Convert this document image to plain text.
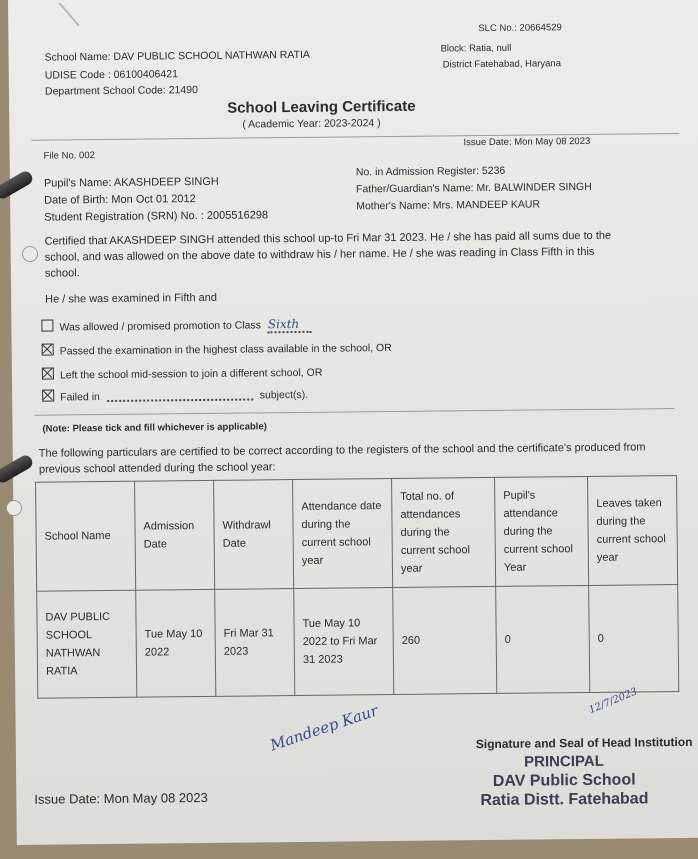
SLC No.: 20664529
School Name: DAV PUBLIC SCHOOL NATHWAN RATIA
Block: Ratia, null
UDISE Code : 06100406421
District Fatehabad, Haryana
Department School Code: 21490
School Leaving Certificate
( Academic Year: 2023-2024 )
File No. 002
Issue Date: Mon May 08 2023
Pupil's Name: AKASHDEEP SINGH
No. in Admission Register: 5236
Date of Birth: Mon Oct 01 2012
Father/Guardian's Name: Mr. BALWINDER SINGH
Student Registration (SRN) No. : 2005516298
Mother's Name: Mrs. MANDEEP KAUR
Certified that AKASHDEEP SINGH attended this school up-to Fri Mar 31 2023. He / she has paid all sums due to the school, and was allowed on the above date to withdraw his / her name. He / she was reading in Class Fifth in this school.
He / she was examined in Fifth and
Was allowed / promised promotion to Class Sixth
Passed the examination in the highest class available in the school, OR
Left the school mid-session to join a different school, OR
Failed in	subject(s).
(Note: Please tick and fill whichever is applicable)
The following particulars are certified to be correct according to the registers of the school and the certificate's produced from previous school attended during the school year:
School Name	Admission Date	Withdrawl Date	Attendance date during the current school year	Total no. of attendances during the current school year	Pupil's attendance during the current school Year	Leaves taken during the current school year
DAV PUBLIC SCHOOL NATHWAN RATIA	Tue May 10 2022	Fri Mar 31 2023	Tue May 10 2022 to Fri Mar 31 2023	260	0	0
Mandeep Kaur
12/7/2023
Signature and Seal of Head Institution
Issue Date: Mon May 08 2023
PRINCIPAL
DAV Public School
Ratia Distt. Fatehabad
